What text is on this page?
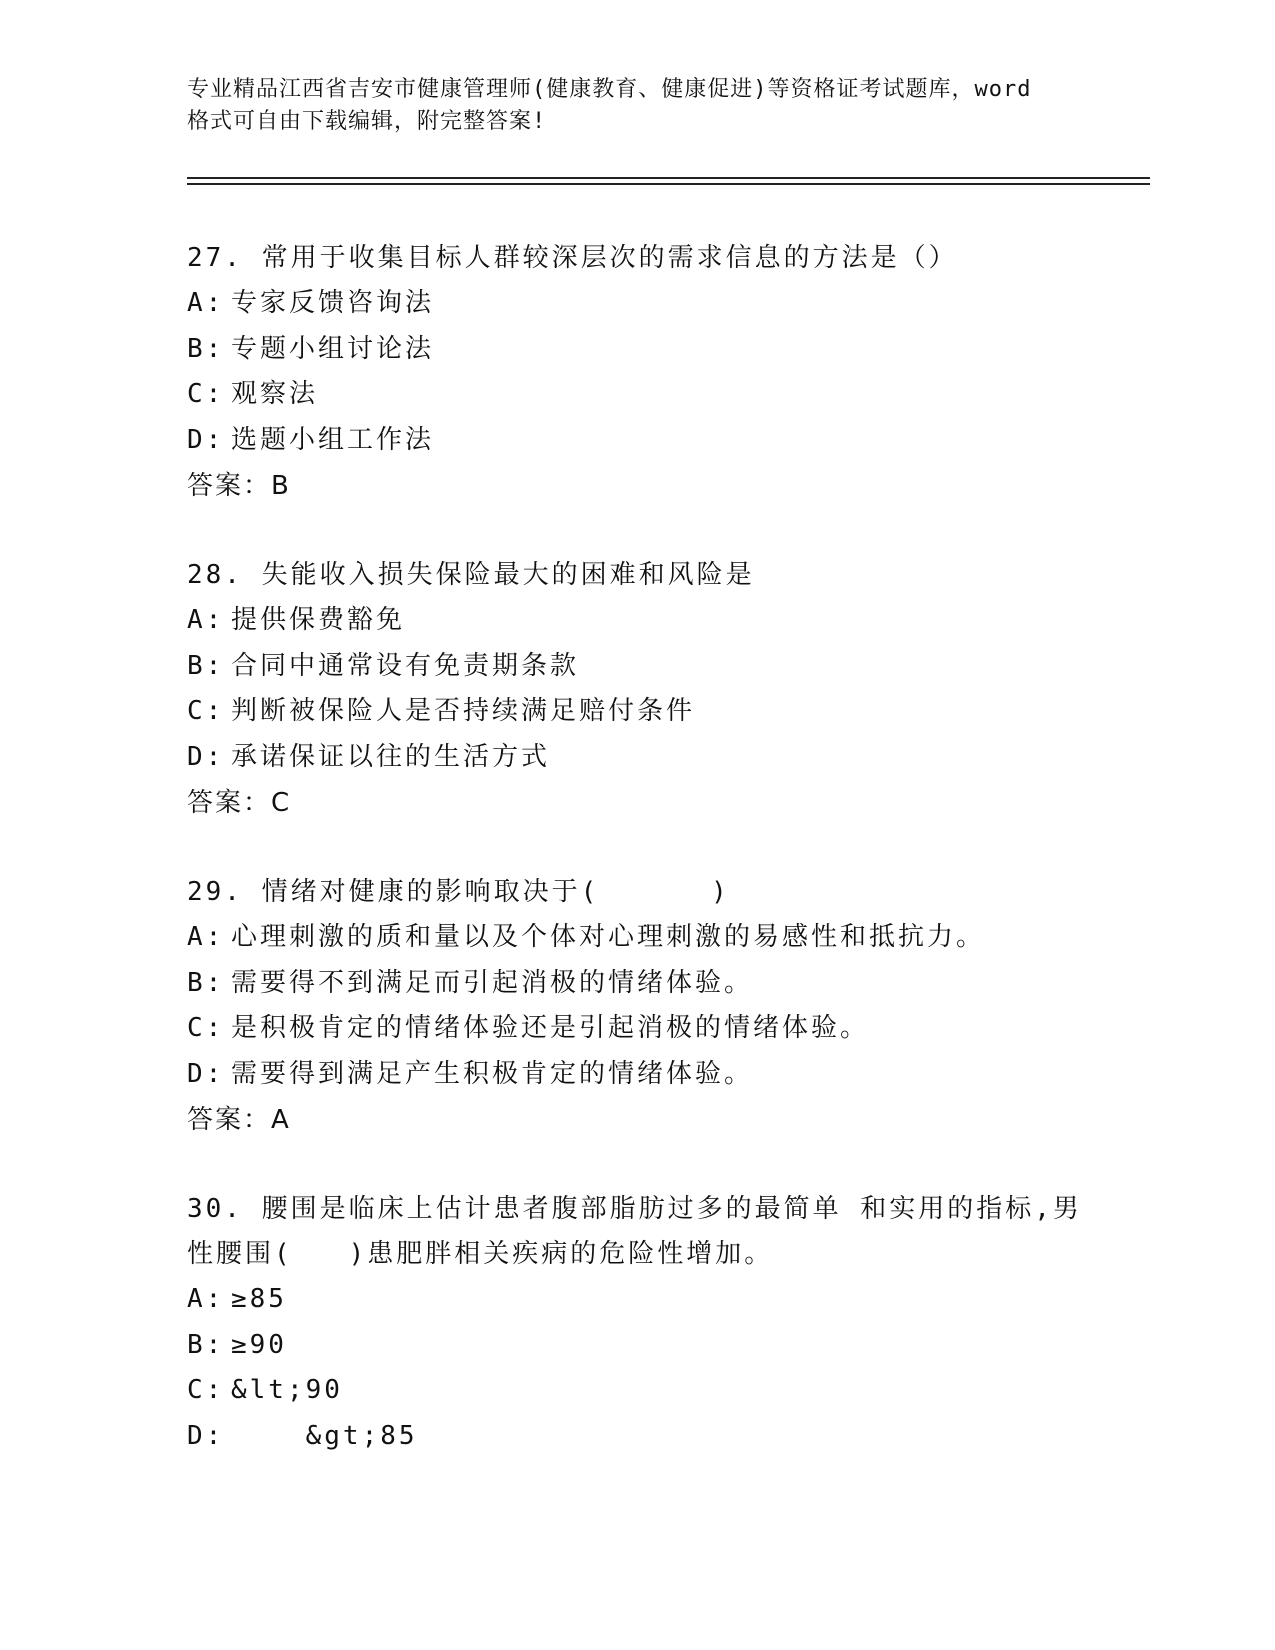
专业精品江西省吉安市健康管理师(健康教育、健康促进)等资格证考试题库，word
格式可自由下载编辑，附完整答案!
27. 常用于收集目标人群较深层次的需求信息的方法是（）
A: 专家反馈咨询法
B: 专题小组讨论法
C: 观察法
D: 选题小组工作法
答案：B
28. 失能收入损失保险最大的困难和风险是
A: 提供保费豁免
B: 合同中通常设有免责期条款
C: 判断被保险人是否持续满足赔付条件
D: 承诺保证以往的生活方式
答案：C
29. 情绪对健康的影响取决于(      )
A: 心理刺激的质和量以及个体对心理刺激的易感性和抵抗力。
B: 需要得不到满足而引起消极的情绪体验。
C: 是积极肯定的情绪体验还是引起消极的情绪体验。
D: 需要得到满足产生积极肯定的情绪体验。
答案：A
30. 腰围是临床上估计患者腹部脂肪过多的最简单 和实用的指标,男
性腰围(   )患肥胖相关疾病的危险性增加。
A: ≥85
B: ≥90
C: &lt;90
D: &gt;85
